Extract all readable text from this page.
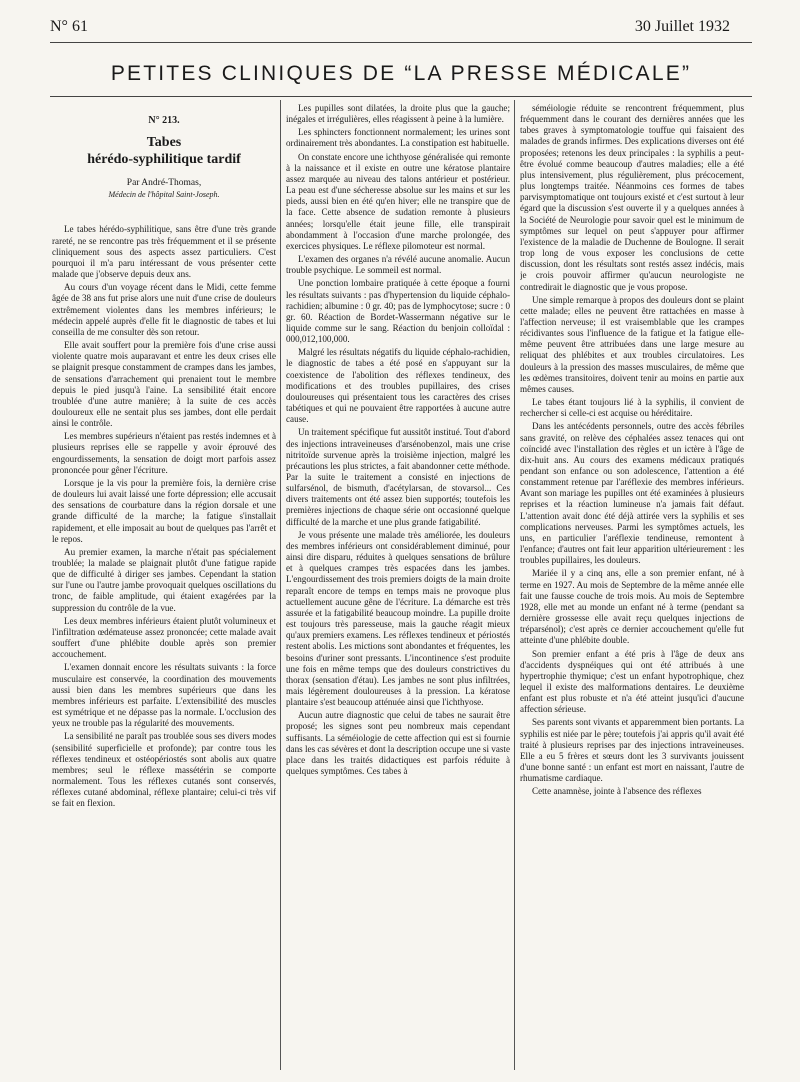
N° 61	30 Juillet 1932
PETITES CLINIQUES DE “LA PRESSE MÉDICALE”

N° 213.

Tabes

hérédo-syphilitique tardif

Par André-Thomas,

Médecin de l'hôpital Saint-Joseph.

Le tabes hérédo-syphilitique, sans être d'une très grande rareté, ne se rencontre pas très fréquemment et il se présente cliniquement sous des aspects assez particuliers. C'est pourquoi il m'a paru intéressant de vous présenter cette malade que j'observe depuis deux ans.

Au cours d'un voyage récent dans le Midi, cette femme âgée de 38 ans fut prise alors une nuit d'une crise de douleurs extrêmement violentes dans les membres inférieurs; le médecin appelé auprès d'elle fit le diagnostic de tabes et lui conseilla de me consulter dès son retour.

Elle avait souffert pour la première fois d'une crise aussi violente quatre mois auparavant et entre les deux crises elle se plaignit presque constamment de crampes dans les jambes, de sensations d'arrachement qui prenaient tout le membre depuis le pied jusqu'à l'aine. La sensibilité était encore troublée d'une autre manière; à la suite de ces accès douloureux elle ne sentait plus ses jambes, dont elle perdait ainsi le contrôle.

Les membres supérieurs n'étaient pas restés indemnes et à plusieurs reprises elle se rappelle y avoir éprouvé des engourdissements, la sensation de doigt mort parfois assez prononcée pour gêner l'écriture.

Lorsque je la vis pour la première fois, la dernière crise de douleurs lui avait laissé une forte dépression; elle accusait des sensations de courbature dans la région dorsale et une grande difficulté de la marche; la fatigue s'installait rapidement, et elle imposait au bout de quelques pas l'arrêt et le repos.

Au premier examen, la marche n'était pas spécialement troublée; la malade se plaignait plutôt d'une fatigue rapide que de difficulté à diriger ses jambes. Cependant la station sur l'une ou l'autre jambe provoquait quelques oscillations du tronc, de faible amplitude, qui étaient exagérées par la suppression du contrôle de la vue.

Les deux membres inférieurs étaient plutôt volumineux et l'infiltration œdémateuse assez prononcée; cette malade avait souffert d'une phlébite double après son premier accouchement.

L'examen donnait encore les résultats suivants : la force musculaire est conservée, la coordination des mouvements aussi bien dans les membres supérieurs que dans les membres inférieurs est parfaite. L'extensibilité des muscles est symétrique et ne dépasse pas la normale. L'occlusion des yeux ne trouble pas la régularité des mouvements.

La sensibilité ne paraît pas troublée sous ses divers modes (sensibilité superficielle et profonde); par contre tous les réflexes tendineux et ostéopériostés sont abolis aux quatre membres; seul le réflexe massétérin se comporte normalement. Tous les réflexes cutanés sont conservés, réflexes cutané abdominal, réflexe plantaire; celui-ci très vif se fait en flexion.

Les pupilles sont dilatées, la droite plus que la gauche; inégales et irrégulières, elles réagissent à peine à la lumière.

Les sphincters fonctionnent normalement; les urines sont ordinairement très abondantes. La constipation est habituelle.

On constate encore une ichthyose généralisée qui remonte à la naissance et il existe en outre une kératose plantaire assez marquée au niveau des talons antérieur et postérieur. La peau est d'une sécheresse absolue sur les mains et sur les pieds, aussi bien en été qu'en hiver; elle ne transpire que de la face. Cette absence de sudation remonte à plusieurs années; lorsqu'elle était jeune fille, elle transpirait abondamment à l'occasion d'une marche prolongée, des exercices physiques. Le réflexe pilomoteur est normal.

L'examen des organes n'a révélé aucune anomalie. Aucun trouble psychique. Le sommeil est normal.

Une ponction lombaire pratiquée à cette époque a fourni les résultats suivants : pas d'hypertension du liquide céphalo-rachidien; albumine : 0 gr. 40; pas de lymphocytose; sucre : 0 gr. 60. Réaction de Bordet-Wassermann négative sur le liquide comme sur le sang. Réaction du benjoin colloïdal : 000,012,100,000.

Malgré les résultats négatifs du liquide céphalo-rachidien, le diagnostic de tabes a été posé en s'appuyant sur la coexistence de l'abolition des réflexes tendineux, des modifications et des troubles pupillaires, des crises douloureuses qui présentaient tous les caractères des crises tabétiques et qui ne pouvaient être rapportées à aucune autre cause.

Un traitement spécifique fut aussitôt institué. Tout d'abord des injections intraveineuses d'arsénobenzol, mais une crise nitritoïde survenue après la troisième injection, malgré les précautions les plus strictes, a fait abandonner cette méthode. Par la suite le traitement a consisté en injections de sulfarsénol, de bismuth, d'acétylarsan, de stovarsol... Ces divers traitements ont été assez bien supportés; toutefois les premières injections de chaque série ont occasionné quelque difficulté de la marche et une plus grande fatigabilité.

Je vous présente une malade très améliorée, les douleurs des membres inférieurs ont considérablement diminué, pour ainsi dire disparu, réduites à quelques sensations de brûlure et à quelques crampes très espacées dans les jambes. L'engourdissement des trois premiers doigts de la main droite reparaît encore de temps en temps mais ne provoque plus actuellement aucune gêne de l'écriture. La démarche est très assurée et la fatigabilité beaucoup moindre. La pupille droite est toujours très paresseuse, mais la gauche réagit mieux qu'aux premiers examens. Les réflexes tendineux et périostés restent abolis. Les mictions sont abondantes et fréquentes, les besoins d'uriner sont pressants. L'incontinence s'est produite une fois en même temps que des douleurs constrictives du thorax (sensation d'étau). Les jambes ne sont plus infiltrées, mais légèrement douloureuses à la pression. La kératose plantaire s'est beaucoup atténuée ainsi que l'ichthyose.

Aucun autre diagnostic que celui de tabes ne saurait être proposé; les signes sont peu nombreux mais cependant suffisants. La séméiologie de cette affection qui est si fournie dans les cas sévères et dont la description occupe une si vaste place dans les traités didactiques est parfois réduite à quelques symptômes. Ces tabes à

séméiologie réduite se rencontrent fréquemment, plus fréquemment dans le courant des dernières années que les tabes graves à symptomatologie touffue qui faisaient des malades de grands infirmes. Des explications diverses ont été proposées; retenons les deux principales : la syphilis a peut-être évolué comme beaucoup d'autres maladies; elle a été plus intensivement, plus régulièrement, plus précocement, plus longtemps traitée. Néanmoins ces formes de tabes parvisymptomatique ont toujours existé et c'est surtout à leur égard que la discussion s'est ouverte il y a quelques années à la Société de Neurologie pour savoir quel est le minimum de symptômes sur lequel on peut s'appuyer pour affirmer l'existence de la maladie de Duchenne de Boulogne. Il serait trop long de vous exposer les conclusions de cette discussion, dont les résultats sont restés assez indécis, mais je crois pouvoir affirmer qu'aucun neurologiste ne contredirait le diagnostic que je vous propose.

Une simple remarque à propos des douleurs dont se plaint cette malade; elles ne peuvent être rattachées en masse à l'affection nerveuse; il est vraisemblable que les crampes récidivantes sous l'influence de la fatigue et la fatigue elle-même peuvent être attribuées dans une large mesure au reliquat des phlébites et aux troubles circulatoires. Les douleurs à la pression des masses musculaires, de même que les œdèmes transitoires, doivent tenir au moins en partie aux mêmes causes.

Le tabes étant toujours lié à la syphilis, il convient de rechercher si celle-ci est acquise ou héréditaire.

Dans les antécédents personnels, outre des accès fébriles sans gravité, on relève des céphalées assez tenaces qui ont coïncidé avec l'installation des règles et un ictère à l'âge de dix-huit ans. Au cours des examens médicaux pratiqués pendant son enfance ou son adolescence, l'attention a été constamment retenue par l'aréflexie des membres inférieurs. Avant son mariage les pupilles ont été examinées à plusieurs reprises et la réaction lumineuse n'a jamais fait défaut. L'attention avait donc été déjà attirée vers la syphilis et ses complications nerveuses. Parmi les symptômes actuels, les uns, en particulier l'aréflexie tendineuse, remontent à l'enfance; d'autres ont fait leur apparition ultérieurement : les troubles pupillaires, les douleurs.

Mariée il y a cinq ans, elle a son premier enfant, né à terme en 1927. Au mois de Septembre de la même année elle fait une fausse couche de trois mois. Au mois de Septembre 1928, elle met au monde un enfant né à terme (pendant sa dernière grossesse elle avait reçu quelques injections de tréparsénol); c'est après ce dernier accouchement qu'elle fut atteinte d'une phlébite double.

Son premier enfant a été pris à l'âge de deux ans d'accidents dyspnéiques qui ont été attribués à une hypertrophie thymique; c'est un enfant hypotrophique, chez lequel il existe des malformations dentaires. Le deuxième enfant est plus robuste et n'a été atteint jusqu'ici d'aucune affection sérieuse.

Ses parents sont vivants et apparemment bien portants. La syphilis est niée par le père; toutefois j'ai appris qu'il avait été traité à plusieurs reprises par des injections intraveineuses. Elle a eu 5 frères et sœurs dont les 3 survivants jouissent d'une bonne santé : un enfant est mort en naissant, l'autre de rhumatisme cardiaque.

Cette anamnèse, jointe à l'absence des réflexes
